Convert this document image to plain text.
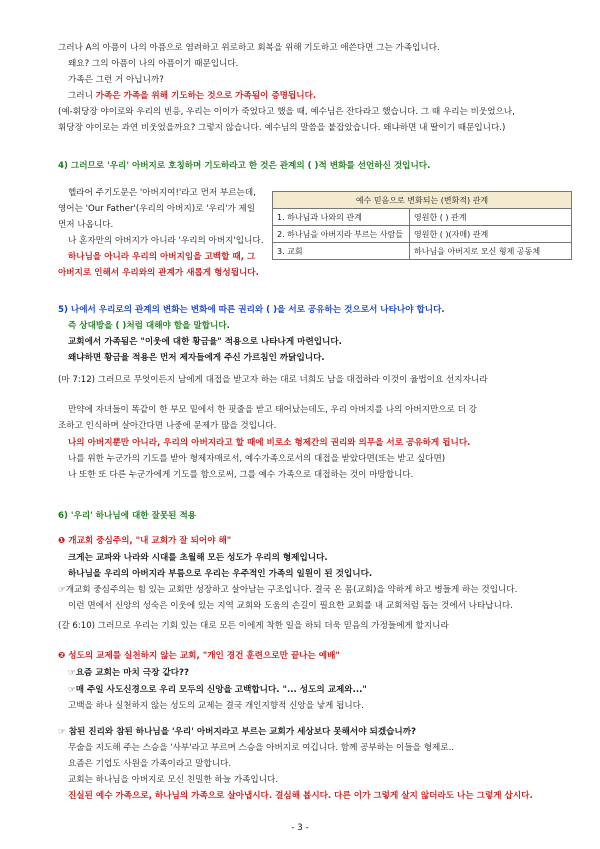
그러나 A의 아픔이 나의 아픔으로 염려하고 위로하고 회복을 위해 기도하고 애쓴다면 그는 가족입니다.
왜요? 그의 아픔이 나의 아픔이기 때문입니다.
가족은 그런 거 아닙니까?
그러니 가족은 가족을 위해 기도하는 것으로 가족됨이 증명됩니다.
(예-휘당장 야이로와 우리의 빈응, 우리는 이이가 죽었다고 했을 때, 예수님은 잔다라고 했습니다. 그 때 우리는 비웃었으나,
휘당장 야이로는 과연 비웃었을까요? 그렇지 않습니다. 예수님의 말씀을 붙잡았습니다. 왜냐하면 내 딸이기 때문입니다.)
4) 그러므로 '우리' 아버지로 호칭하며 기도하라고 한 것은 관계의 ( )적 변화를 선언하신 것입니다.
헬라어 주기도문은 '아버지여!'라고 먼저 부르는데,
영어는 'Our Father'(우리의 아버지)로 '우리'가 제일
먼저 나옵니다.
나 혼자만의 아버지가 아니라 '우리의 아버지'입니다.
하나님을 아니라 우리의 아버지임을 고백할 때, 그
아버지로 인해서 우리와의 관계가 새롭게 형성됩니다.
예수 믿음으로 변화되는 (변화적) 관계	
1. 하나님과 나와의 관계	영원한 ( ) 관계
2. 하나님을 아버지라 부르는 사람들	영원한 ( )(자매) 관계
3. 교회	하나님을 아버지로 모신 형제 공동체
5) 나에서 우리로의 관계의 변화는 변화에 따른 권리와 ( )을 서로 공유하는 것으로서 나타나야 합니다.
즉 상대방을 ( )처럼 대해야 함을 말합니다.
교회에서 가족됨은 "이웃에 대한 황금율" 적용으로 나타나게 마련입니다.
왜냐하면 황금율 적용은 먼저 제자들에게 주신 가르침인 까닭입니다.
(마 7:12) 그러므로 무엇이든지 남에게 대접을 받고자 하는 대로 너희도 남을 대접하라 이것이 율법이요 선지자니라
만약에 자녀들이 똑같이 한 부모 밑에서 한 핏줄을 받고 태어났는데도, 우리 아버지를 나의 아버지만으로 더 강
조하고 인식하며 살아간다면 나중에 문제가 많을 것입니다.
나의 아버지뿐만 아니라, 우리의 아버지라고 할 때에 비로소 형제간의 권리와 의무을 서로 공유하게 됩니다.
나를 위한 누군가의 기도를 받아 형제자매로서, 예수가족으로서의 대접을 받았다면(또는 받고 싶다면)
나 또한 또 다른 누군가에게 기도를 함으로써, 그를 예수 가족으로 대접하는 것이 마땅합니다.
6) '우리' 하나님에 대한 잘못된 적용
❶ 개교회 중심주의, "내 교회가 잘 되어야 해"
크게는 교파와 나라와 시대를 초월해 모든 성도가 우리의 형제입니다.
하나님을 우리의 아버지라 부름으로 우리는 우주적인 가족의 일원이 된 것입니다.
☞개교회 중심주의는 힘 있는 교회만 성장하고 살아남는 구조입니다. 결국 온 몸(교회)을 약하게 하고 병들게 하는 것입니다.
이런 면에서 신앙의 성숙은 이웃에 있는 지역 교회와 도움의 손길이 필요한 교회를 내 교회처럼 돕는 것에서 나타납니다.
(갈 6:10) 그러므로 우리는 기회 있는 대로 모든 이에게 착한 일을 하되 더욱 믿음의 가정들에게 할지니라
❷ 성도의 교제를 실천하지 않는 교회, "개인 경건 훈련으로만 끝나는 예배"
☞요즘 교회는 마치 극장 같다??
☞매 주일 사도신경으로 우리 모두의 신앙을 고백합니다. "... 성도의 교제와..."
고백을 하나 실천하지 않는 성도의 교제는 결국 개인지향적 신앙을 낳게 됩니다.
☞ 참된 진리와 참된 하나님을 '우리' 아버지라고 부르는 교회가 세상보다 못해서야 되겠습니까?
무술을 지도해 주는 스승을 '사부'라고 부르며 스승을 아버지로 여깁니다. 함께 공부하는 이들을 형제로..
요즘은 기업도 사원을 가족이라고 말합니다.
교회는 하나님을 아버지로 모신 친밀한 하늘 가족입니다.
진실된 예수 가족으로, 하나님의 가족으로 살아냅시다. 결심해 봅시다. 다른 이가 그렇게 살지 않더라도 나는 그렇게 삽시다.
- 3 -
